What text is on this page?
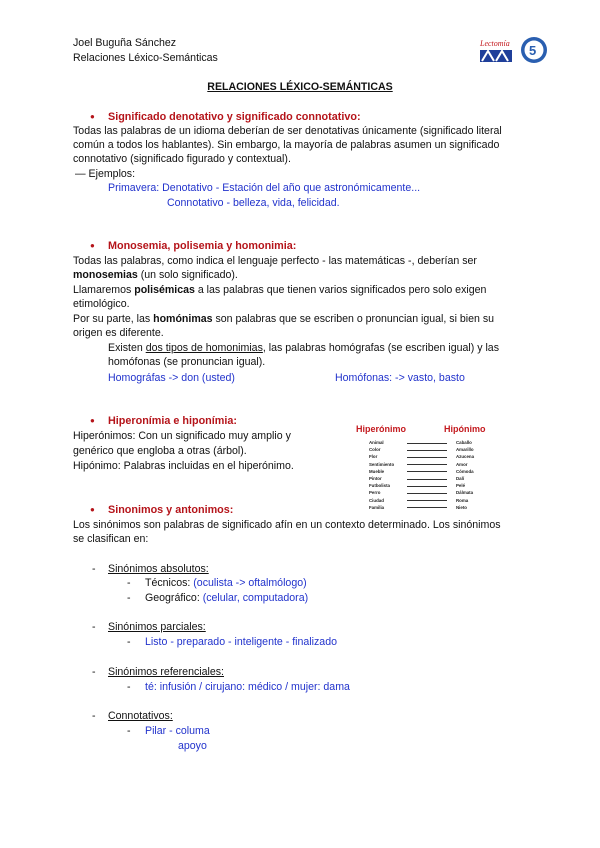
Joel Buguña Sánchez
Relaciones Léxico-Semánticas
Lectomía 5
RELACIONES LÉXICO-SEMÁNTICAS
● Significado denotativo y significado connotativo:
Todas las palabras de un idioma deberían de ser denotativas únicamente (significado literal
común a todos los hablantes). Sin embargo, la mayoría de palabras asumen un significado
connotativo (significado figurado y contextual).
— Ejemplos:
Primavera: Denotativo - Estación del año que astronómicamente...
Connotativo - belleza, vida, felicidad.
● Monosemia, polisemia y homonimia:
Todas las palabras, como indica el lenguaje perfecto - las matemáticas -, deberían ser
monosemias (un solo significado).
Llamaremos polisémicas a las palabras que tienen varios significados pero solo exigen
etimológico.
Por su parte, las homónimas son palabras que se escriben o pronuncian igual, si bien su
origen es diferente.
Existen dos tipos de homonimias, las palabras homógrafas (se escriben igual) y las
homófonas (se pronuncian igual).
Homográfas -> don (usted)	Homófonas: -> vasto, basto
● Hiperonímia e hiponímia:
Hiperónimos: Con un significado muy amplio y
genérico que engloba a otras (árbol).
Hipónimo: Palabras incluidas en el hiperónimo.
Hiperónimo	Hipónimo
Animal	Caballo
Color	Amarillo
Flor	Azucena
Sentimiento	Amor
Mueble	Cómoda
Pintor	Dalí
Futbolista	Pelé
Perro	Dálmata
Ciudad	Roma
Familia	Nieto
● Sinonimos y antonimos:
Los sinónimos son palabras de significado afín en un contexto determinado. Los sinónimos
se clasifican en:
- Sinónimos absolutos:
- Técnicos: (oculista -> oftalmólogo)
- Geográfico: (celular, computadora)
- Sinónimos parciales:
- Listo - preparado - inteligente - finalizado
- Sinónimos referenciales:
- té: infusión / cirujano: médico / mujer: dama
- Connotativos:
- Pilar - columa
apoyo
